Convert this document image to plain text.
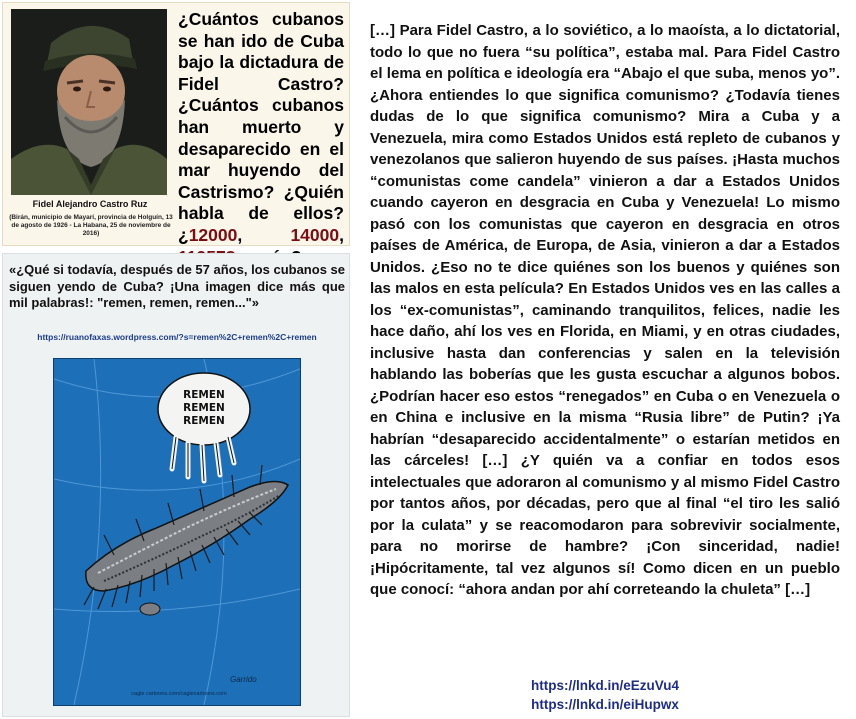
Fidel Alejandro Castro Ruz
(Birán, municipio de Mayarí, provincia de Holguín, 13 de agosto de 1926 - La Habana, 25 de noviembre de 2016)
¿Cuántos cubanos se han ido de Cuba bajo la dictadura de Fidel Castro? ¿Cuántos cubanos han muerto y desaparecido en el mar huyendo del Castrismo? ¿Quién habla de ellos? ¿12000, 14000,
«¿Qué si todavía, después de 57 años, los cubanos se siguen yendo de Cuba? ¡Una imagen dice más que mil palabras!: "remen, remen, remen..."»
https://ruanofaxas.wordpress.com/?s=remen%2C+remen%2C+remen
REMEN
REMEN
REMEN
Garrido
cagle cartoons.com/caglecartoons.com
[…] Para Fidel Castro, a lo soviético, a lo maoísta, a lo dictatorial, todo lo que no fuera “su política”, estaba mal. Para Fidel Castro el lema en política e ideología era “Abajo el que suba, menos yo”. ¿Ahora entiendes lo que significa comunismo? ¿Todavía tienes dudas de lo que significa comunismo? Mira a Cuba y a Venezuela, mira como Estados Unidos está repleto de cubanos y venezolanos que salieron huyendo de sus países. ¡Hasta muchos “comunistas come candela” vinieron a dar a Estados Unidos cuando cayeron en desgracia en Cuba y Venezuela! Lo mismo pasó con los comunistas que cayeron en desgracia en otros países de América, de Europa, de Asia, vinieron a dar a Estados Unidos. ¿Eso no te dice quiénes son los buenos y quiénes son las malos en esta película? En Estados Unidos ves en las calles a los “ex-comunistas”, caminando tranquilitos, felices, nadie les hace daño, ahí los ves en Florida, en Miami, y en otras ciudades, inclusive hasta dan conferencias y salen en la televisión hablando las boberías que les gusta escuchar a algunos bobos. ¿Podrían hacer eso estos “renegados” en Cuba o en Venezuela o en China e inclusive en la misma “Rusia libre” de Putin? ¡Ya habrían “desaparecido accidentalmente” o estarían metidos en las cárceles! […] ¿Y quién va a confiar en todos esos intelectuales que adoraron al comunismo y al mismo Fidel Castro por tantos años, por décadas, pero que al final “el tiro les salió por la culata” y se reacomodaron para sobrevivir socialmente, para no morirse de hambre? ¡Con sinceridad, nadie! ¡Hipócritamente, tal vez algunos sí! Como dicen en un pueblo que conocí: “ahora andan por ahí correteando la chuleta” […]
https://lnkd.in/eEzuVu4
https://lnkd.in/eiHupwx
